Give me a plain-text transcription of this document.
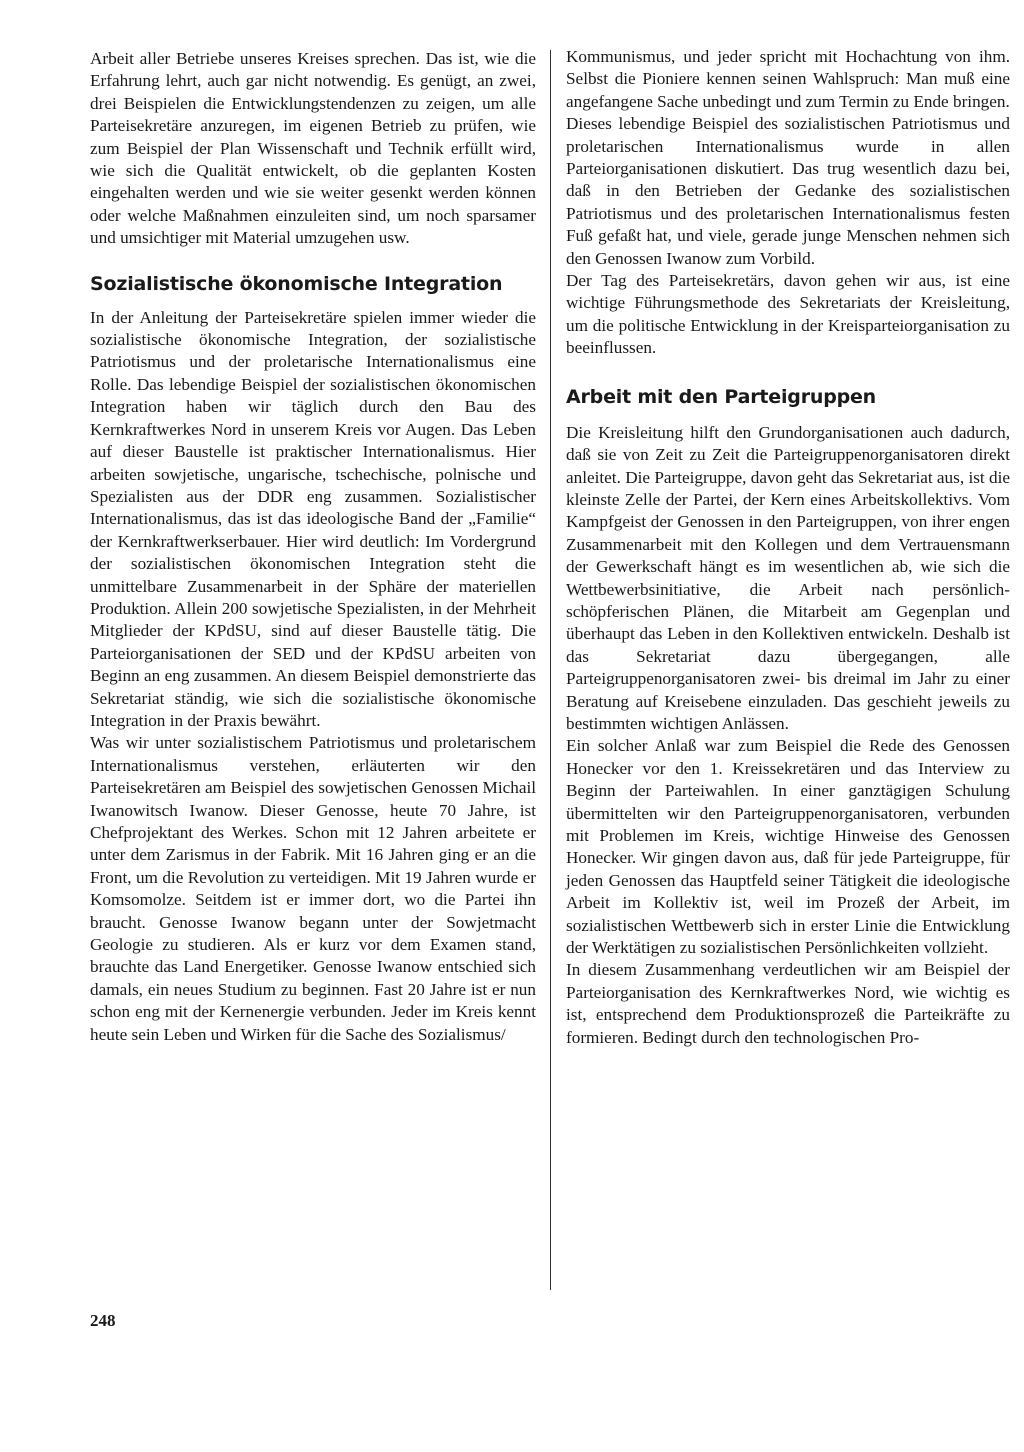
Arbeit aller Betriebe unseres Kreises sprechen. Das ist, wie die Erfahrung lehrt, auch gar nicht notwendig. Es genügt, an zwei, drei Beispielen die Entwicklungstendenzen zu zeigen, um alle Parteisekretäre anzuregen, im eigenen Betrieb zu prüfen, wie zum Beispiel der Plan Wissenschaft und Technik erfüllt wird, wie sich die Qualität entwickelt, ob die geplanten Kosten eingehalten werden und wie sie weiter gesenkt werden können oder welche Maßnahmen einzuleiten sind, um noch sparsamer und umsichtiger mit Material umzugehen usw.

Sozialistische ökonomische Integration

In der Anleitung der Parteisekretäre spielen immer wieder die sozialistische ökonomische Integration, der sozialistische Patriotismus und der proletarische Internationalismus eine Rolle. Das lebendige Beispiel der sozialistischen ökonomischen Integration haben wir täglich durch den Bau des Kernkraftwerkes Nord in unserem Kreis vor Augen. Das Leben auf dieser Baustelle ist praktischer Internationalismus. Hier arbeiten sowjetische, ungarische, tschechische, polnische und Spezialisten aus der DDR eng zusammen. Sozialistischer Internationalismus, das ist das ideologische Band der „Familie“ der Kernkraftwerkserbauer. Hier wird deutlich: Im Vordergrund der sozialistischen ökonomischen Integration steht die unmittelbare Zusammenarbeit in der Sphäre der materiellen Produktion. Allein 200 sowjetische Spezialisten, in der Mehrheit Mitglieder der KPdSU, sind auf dieser Baustelle tätig. Die Parteiorganisationen der SED und der KPdSU arbeiten von Beginn an eng zusammen. An diesem Beispiel demonstrierte das Sekretariat ständig, wie sich die sozialistische ökonomische Integration in der Praxis bewährt.

Was wir unter sozialistischem Patriotismus und proletarischem Internationalismus verstehen, erläuterten wir den Parteisekretären am Beispiel des sowjetischen Genossen Michail Iwanowitsch Iwanow. Dieser Genosse, heute 70 Jahre, ist Chefprojektant des Werkes. Schon mit 12 Jahren arbeitete er unter dem Zarismus in der Fabrik. Mit 16 Jahren ging er an die Front, um die Revolution zu verteidigen. Mit 19 Jahren wurde er Komsomolze. Seitdem ist er immer dort, wo die Partei ihn braucht. Genosse Iwanow begann unter der Sowjetmacht Geologie zu studieren. Als er kurz vor dem Examen stand, brauchte das Land Energetiker. Genosse Iwanow entschied sich damals, ein neues Studium zu beginnen. Fast 20 Jahre ist er nun schon eng mit der Kernenergie verbunden. Jeder im Kreis kennt heute sein Leben und Wirken für die Sache des Sozialismus/

Kommunismus, und jeder spricht mit Hochachtung von ihm. Selbst die Pioniere kennen seinen Wahlspruch: Man muß eine angefangene Sache unbedingt und zum Termin zu Ende bringen.

Dieses lebendige Beispiel des sozialistischen Patriotismus und proletarischen Internationalismus wurde in allen Parteiorganisationen diskutiert. Das trug wesentlich dazu bei, daß in den Betrieben der Gedanke des sozialistischen Patriotismus und des proletarischen Internationalismus festen Fuß gefaßt hat, und viele, gerade junge Menschen nehmen sich den Genossen Iwanow zum Vorbild.

Der Tag des Parteisekretärs, davon gehen wir aus, ist eine wichtige Führungsmethode des Sekretariats der Kreisleitung, um die politische Entwicklung in der Kreisparteiorganisation zu beeinflussen.

Arbeit mit den Parteigruppen

Die Kreisleitung hilft den Grundorganisationen auch dadurch, daß sie von Zeit zu Zeit die Parteigruppenorganisatoren direkt anleitet. Die Parteigruppe, davon geht das Sekretariat aus, ist die kleinste Zelle der Partei, der Kern eines Arbeitskollektivs. Vom Kampfgeist der Genossen in den Parteigruppen, von ihrer engen Zusammenarbeit mit den Kollegen und dem Vertrauensmann der Gewerkschaft hängt es im wesentlichen ab, wie sich die Wettbewerbsinitiative, die Arbeit nach persönlich-schöpferischen Plänen, die Mitarbeit am Gegenplan und überhaupt das Leben in den Kollektiven entwickeln. Deshalb ist das Sekretariat dazu übergegangen, alle Parteigruppenorganisatoren zwei- bis dreimal im Jahr zu einer Beratung auf Kreisebene einzuladen. Das geschieht jeweils zu bestimmten wichtigen Anlässen.

Ein solcher Anlaß war zum Beispiel die Rede des Genossen Honecker vor den 1. Kreissekretären und das Interview zu Beginn der Parteiwahlen. In einer ganztägigen Schulung übermittelten wir den Parteigruppenorganisatoren, verbunden mit Problemen im Kreis, wichtige Hinweise des Genossen Honecker. Wir gingen davon aus, daß für jede Parteigruppe, für jeden Genossen das Hauptfeld seiner Tätigkeit die ideologische Arbeit im Kollektiv ist, weil im Prozeß der Arbeit, im sozialistischen Wettbewerb sich in erster Linie die Entwicklung der Werktätigen zu sozialistischen Persönlichkeiten vollzieht.

In diesem Zusammenhang verdeutlichen wir am Beispiel der Parteiorganisation des Kernkraftwerkes Nord, wie wichtig es ist, entsprechend dem Produktionsprozeß die Parteikräfte zu formieren. Bedingt durch den technologischen Pro-

248
